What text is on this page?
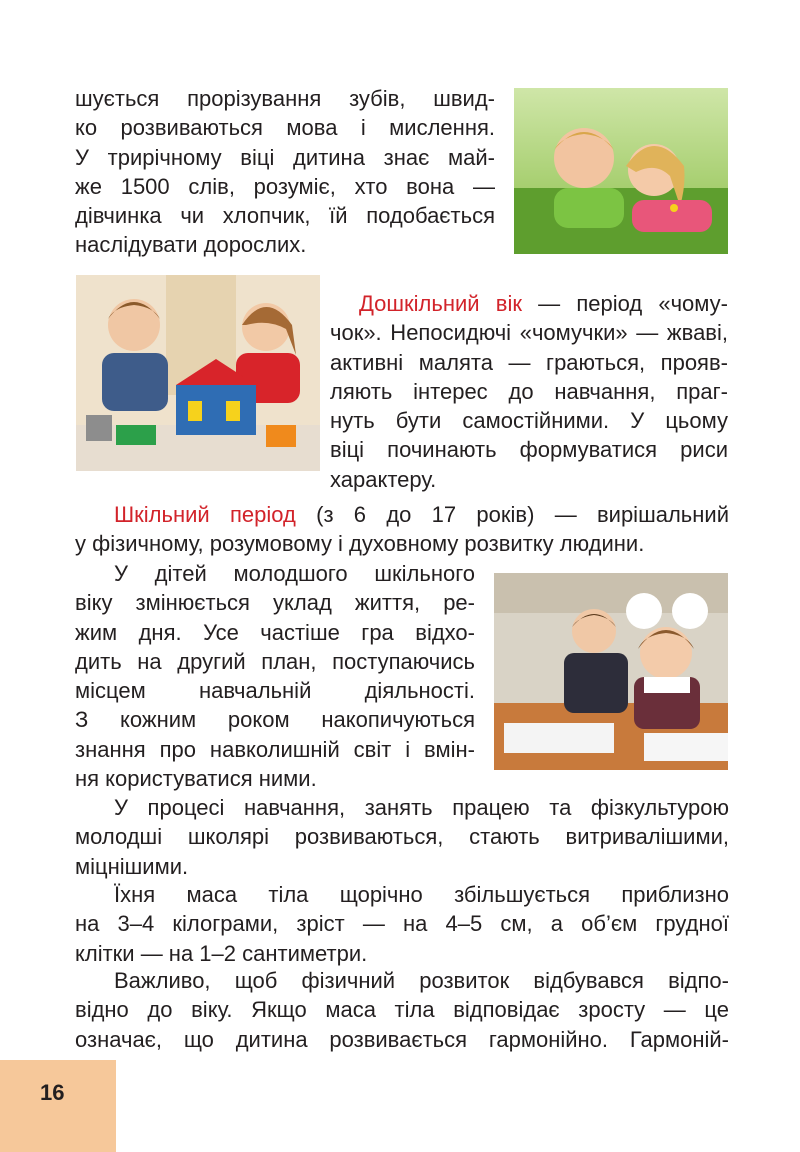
шується прорізування зубів, швид-
ко розвиваються мова і мислення.
У трирічному віці дитина знає май-
же 1500 слів, розуміє, хто вона —
дівчинка чи хлопчик, їй подобається
наслідувати дорослих.
Дошкільний вік — період «чому-
чок». Непосидючі «чомучки» — жваві,
активні малята — граються, прояв-
ляють інтерес до навчання, праг-
нуть бути самостійними. У цьому
віці починають формуватися риси
характеру.
Шкільний період (з 6 до 17 років) — вирішальний
у фізичному, розумовому і духовному розвитку людини.
У дітей молодшого шкільного
віку змінюється уклад життя, ре-
жим дня. Усе частіше гра відхо-
дить на другий план, поступаючись
місцем навчальній діяльності.
З кожним роком накопичуються
знання про навколишній світ і вмін-
ня користуватися ними.
У процесі навчання, занять працею та фізкультурою
молодші школярі розвиваються, стають витривалішими,
міцнішими.
Їхня маса тіла щорічно збільшується приблизно
на 3–4 кілограми, зріст — на 4–5 см, а об’єм грудної
клітки — на 1–2 сантиметри.
Важливо, щоб фізичний розвиток відбувався відпо-
відно до віку. Якщо маса тіла відповідає зросту — це
означає, що дитина розвивається гармонійно. Гармоній-
16
